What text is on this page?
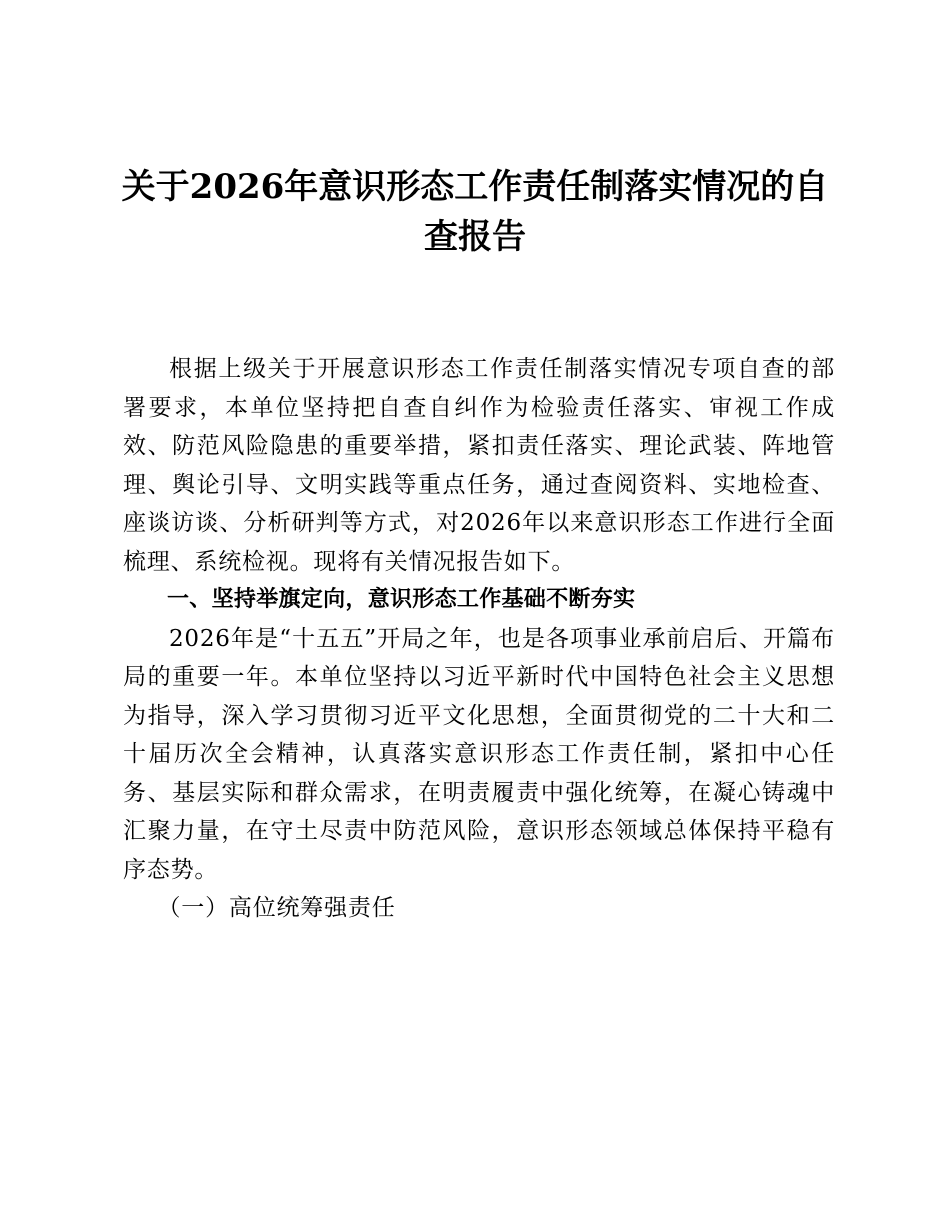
关于2026年意识形态工作责任制落实情况的自查报告

根据上级关于开展意识形态工作责任制落实情况专项自查的部署要求，本单位坚持把自查自纠作为检验责任落实、审视工作成效、防范风险隐患的重要举措，紧扣责任落实、理论武装、阵地管理、舆论引导、文明实践等重点任务，通过查阅资料、实地检查、座谈访谈、分析研判等方式，对2026年以来意识形态工作进行全面梳理、系统检视。现将有关情况报告如下。

一、坚持举旗定向，意识形态工作基础不断夯实

2026年是“十五五”开局之年，也是各项事业承前启后、开篇布局的重要一年。本单位坚持以习近平新时代中国特色社会主义思想为指导，深入学习贯彻习近平文化思想，全面贯彻党的二十大和二十届历次全会精神，认真落实意识形态工作责任制，紧扣中心任务、基层实际和群众需求，在明责履责中强化统筹，在凝心铸魂中汇聚力量，在守土尽责中防范风险，意识形态领域总体保持平稳有序态势。

（一）高位统筹强责任
